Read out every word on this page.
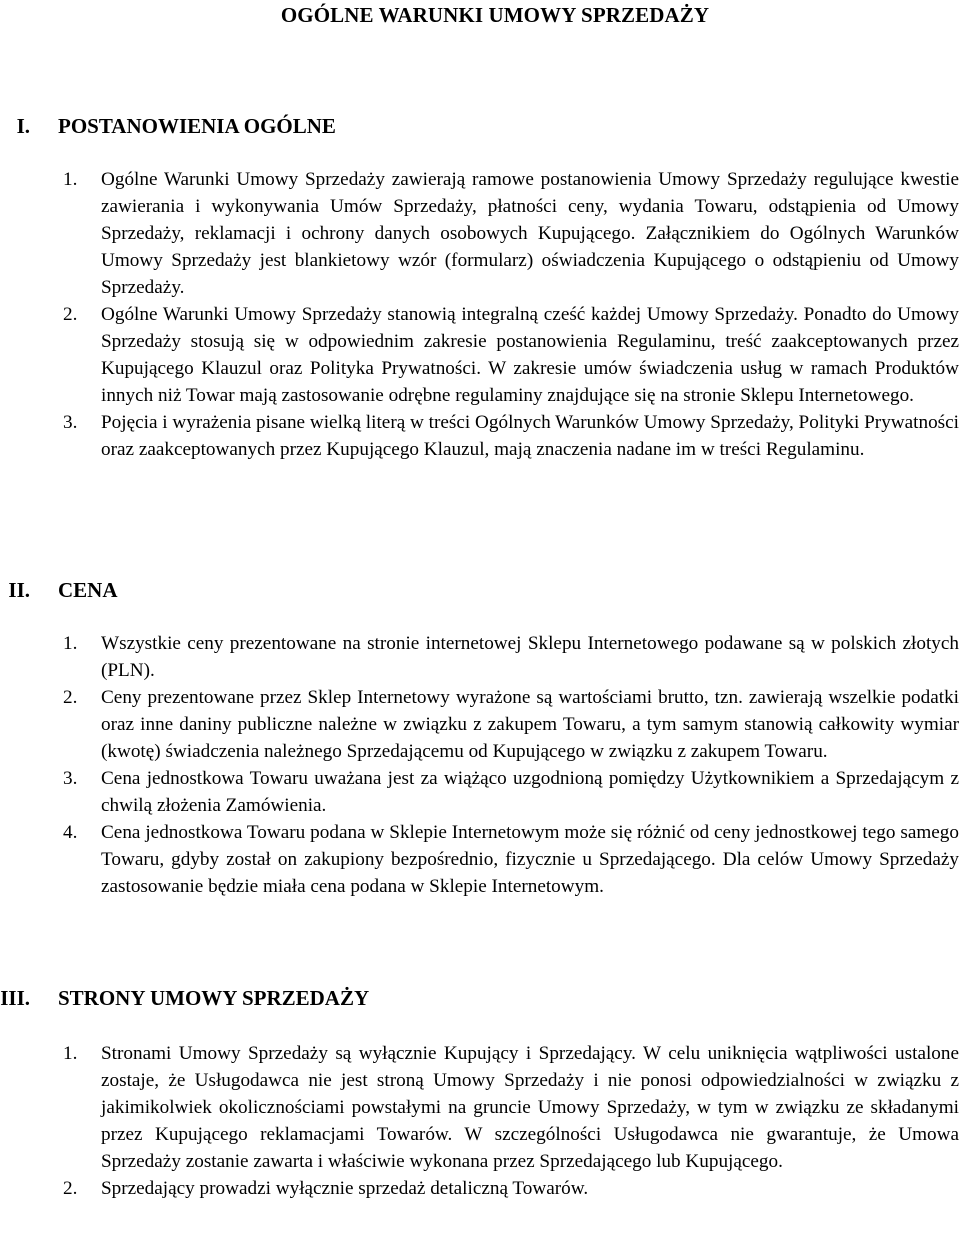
OGÓLNE WARUNKI UMOWY SPRZEDAŻY
I. POSTANOWIENIA OGÓLNE
1. Ogólne Warunki Umowy Sprzedaży zawierają ramowe postanowienia Umowy Sprzedaży regulujące kwestie zawierania i wykonywania Umów Sprzedaży, płatności ceny, wydania Towaru, odstąpienia od Umowy Sprzedaży, reklamacji i ochrony danych osobowych Kupującego. Załącznikiem do Ogólnych Warunków Umowy Sprzedaży jest blankietowy wzór (formularz) oświadczenia Kupującego o odstąpieniu od Umowy Sprzedaży.
2. Ogólne Warunki Umowy Sprzedaży stanowią integralną cześć każdej Umowy Sprzedaży. Ponadto do Umowy Sprzedaży stosują się w odpowiednim zakresie postanowienia Regulaminu, treść zaakceptowanych przez Kupującego Klauzul oraz Polityka Prywatności. W zakresie umów świadczenia usług w ramach Produktów innych niż Towar mają zastosowanie odrębne regulaminy znajdujące się na stronie Sklepu Internetowego.
3. Pojęcia i wyrażenia pisane wielką literą w treści Ogólnych Warunków Umowy Sprzedaży, Polityki Prywatności oraz zaakceptowanych przez Kupującego Klauzul, mają znaczenia nadane im w treści Regulaminu.
II. CENA
1. Wszystkie ceny prezentowane na stronie internetowej Sklepu Internetowego podawane są w polskich złotych (PLN).
2. Ceny prezentowane przez Sklep Internetowy wyrażone są wartościami brutto, tzn. zawierają wszelkie podatki oraz inne daniny publiczne należne w związku z zakupem Towaru, a tym samym stanowią całkowity wymiar (kwotę) świadczenia należnego Sprzedającemu od Kupującego w związku z zakupem Towaru.
3. Cena jednostkowa Towaru uważana jest za wiążąco uzgodnioną pomiędzy Użytkownikiem a Sprzedającym z chwilą złożenia Zamówienia.
4. Cena jednostkowa Towaru podana w Sklepie Internetowym może się różnić od ceny jednostkowej tego samego Towaru, gdyby został on zakupiony bezpośrednio, fizycznie u Sprzedającego. Dla celów Umowy Sprzedaży zastosowanie będzie miała cena podana w Sklepie Internetowym.
III. STRONY UMOWY SPRZEDAŻY
1. Stronami Umowy Sprzedaży są wyłącznie Kupujący i Sprzedający. W celu uniknięcia wątpliwości ustalone zostaje, że Usługodawca nie jest stroną Umowy Sprzedaży i nie ponosi odpowiedzialności w związku z jakimikolwiek okolicznościami powstałymi na gruncie Umowy Sprzedaży, w tym w związku ze składanymi przez Kupującego reklamacjami Towarów. W szczególności Usługodawca nie gwarantuje, że Umowa Sprzedaży zostanie zawarta i właściwie wykonana przez Sprzedającego lub Kupującego.
2. Sprzedający prowadzi wyłącznie sprzedaż detaliczną Towarów.
